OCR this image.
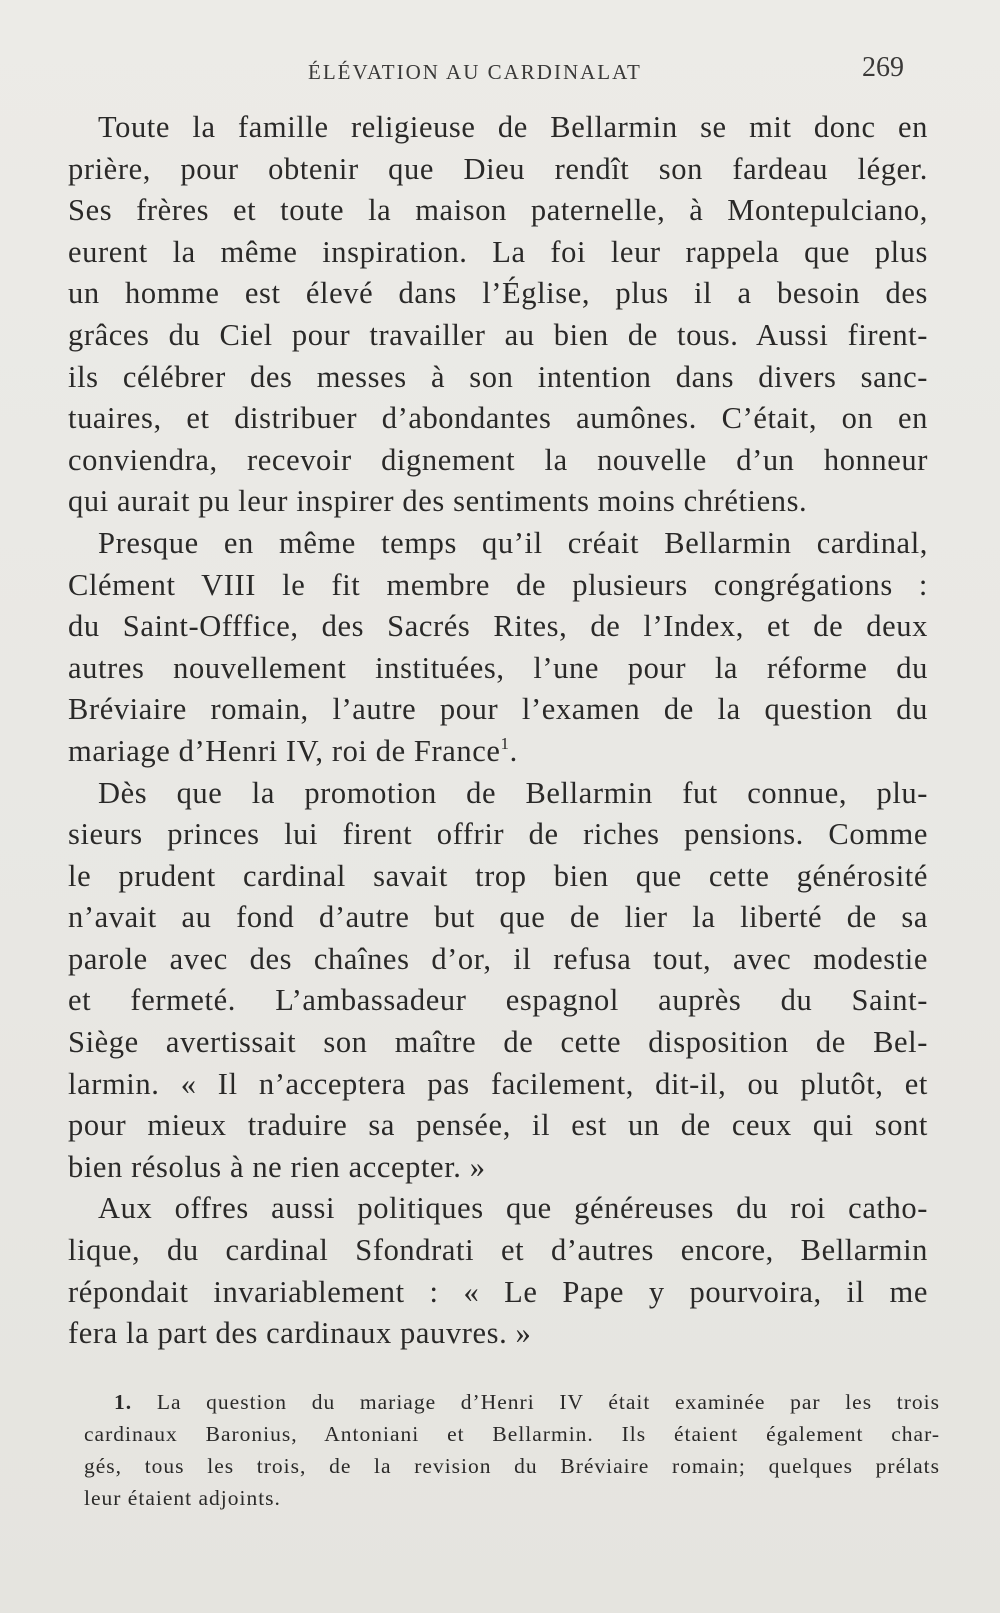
ÉLÉVATION AU CARDINALAT	269
Toute la famille religieuse de Bellarmin se mit donc en
prière, pour obtenir que Dieu rendît son fardeau léger.
Ses frères et toute la maison paternelle, à Montepulciano,
eurent la même inspiration. La foi leur rappela que plus
un homme est élevé dans l’Église, plus il a besoin des
grâces du Ciel pour travailler au bien de tous. Aussi firent-
ils célébrer des messes à son intention dans divers sanc-
tuaires, et distribuer d’abondantes aumônes. C’était, on en
conviendra, recevoir dignement la nouvelle d’un honneur
qui aurait pu leur inspirer des sentiments moins chrétiens.
Presque en même temps qu’il créait Bellarmin cardinal,
Clément VIII le fit membre de plusieurs congrégations :
du Saint-Offfice, des Sacrés Rites, de l’Index, et de deux
autres nouvellement instituées, l’une pour la réforme du
Bréviaire romain, l’autre pour l’examen de la question du
mariage d’Henri IV, roi de France$^1$.
Dès que la promotion de Bellarmin fut connue, plu-
sieurs princes lui firent offrir de riches pensions. Comme
le prudent cardinal savait trop bien que cette générosité
n’avait au fond d’autre but que de lier la liberté de sa
parole avec des chaînes d’or, il refusa tout, avec modestie
et fermeté. L’ambassadeur espagnol auprès du Saint-
Siège avertissait son maître de cette disposition de Bel-
larmin. « Il n’acceptera pas facilement, dit-il, ou plutôt, et
pour mieux traduire sa pensée, il est un de ceux qui sont
bien résolus à ne rien accepter. »
Aux offres aussi politiques que généreuses du roi catho-
lique, du cardinal Sfondrati et d’autres encore, Bellarmin
répondait invariablement : « Le Pape y pourvoira, il me
fera la part des cardinaux pauvres. »
1. La question du mariage d’Henri IV était examinée par les trois
cardinaux Baronius, Antoniani et Bellarmin. Ils étaient également char-
gés, tous les trois, de la revision du Bréviaire romain; quelques prélats
leur étaient adjoints.
